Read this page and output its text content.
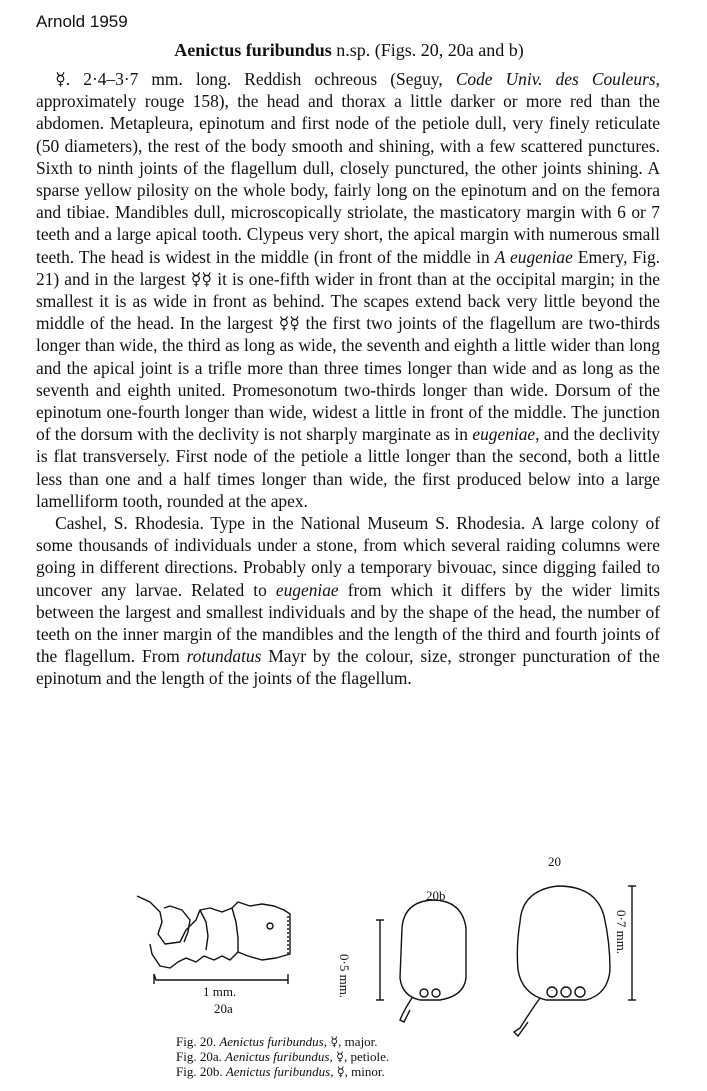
Arnold 1959
Aenictus furibundus n.sp. (Figs. 20, 20a and b)

☿. 2·4–3·7 mm. long. Reddish ochreous (Seguy, Code Univ. des Couleurs, approximately rouge 158), the head and thorax a little darker or more red than the abdomen. Metapleura, epinotum and first node of the petiole dull, very finely reticulate (50 diameters), the rest of the body smooth and shining, with a few scattered punctures. Sixth to ninth joints of the flagellum dull, closely punctured, the other joints shining. A sparse yellow pilosity on the whole body, fairly long on the epinotum and on the femora and tibiae. Mandibles dull, microscopically striolate, the masticatory margin with 6 or 7 teeth and a large apical tooth. Clypeus very short, the apical margin with numerous small teeth. The head is widest in the middle (in front of the middle in A eugeniae Emery, Fig. 21) and in the largest ☿☿ it is one-fifth wider in front than at the occipital margin; in the smallest it is as wide in front as behind. The scapes extend back very little beyond the middle of the head. In the largest ☿☿ the first two joints of the flagellum are two-thirds longer than wide, the third as long as wide, the seventh and eighth a little wider than long and the apical joint is a trifle more than three times longer than wide and as long as the seventh and eighth united. Promesonotum two-thirds longer than wide. Dorsum of the epinotum one-fourth longer than wide, widest a little in front of the middle. The junction of the dorsum with the declivity is not sharply marginate as in eugeniae, and the declivity is flat transversely. First node of the petiole a little longer than the second, both a little less than one and a half times longer than wide, the first produced below into a large lamelliform tooth, rounded at the apex.

Cashel, S. Rhodesia. Type in the National Museum S. Rhodesia. A large colony of some thousands of individuals under a stone, from which several raiding columns were going in different directions. Probably only a temporary bivouac, since digging failed to uncover any larvae. Related to eugeniae from which it differs by the wider limits between the largest and smallest individuals and by the shape of the head, the number of teeth on the inner margin of the mandibles and the length of the third and fourth joints of the flagellum. From rotundatus Mayr by the colour, size, stronger puncturation of the epinotum and the length of the joints of the flagellum.

20
20b
1 mm.
20a
0·5 mm.
0·7 mm.
Fig. 20. Aenictus furibundus, ☿, major.
Fig. 20a. Aenictus furibundus, ☿, petiole.
Fig. 20b. Aenictus furibundus, ☿, minor.
